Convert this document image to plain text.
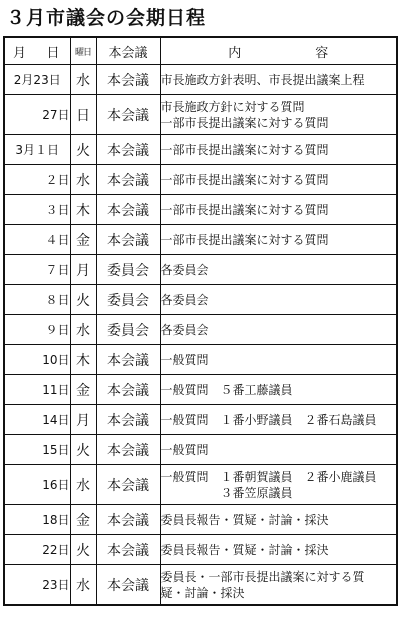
３月市議会の会期日程
月 日	曜日	本会議	内 容

2月23日	水	本会議	市長施政方針表明、市長提出議案上程
27日	日	本会議	市長施政方針に対する質問
一部市長提出議案に対する質問
3月１日	火	本会議	一部市長提出議案に対する質問
２日	水	本会議	一部市長提出議案に対する質問
３日	木	本会議	一部市長提出議案に対する質問
４日	金	本会議	一部市長提出議案に対する質問
７日	月	委員会	各委員会
８日	火	委員会	各委員会
９日	水	委員会	各委員会
10日	木	本会議	一般質問
11日	金	本会議	一般質問　５番工藤議員
14日	月	本会議	一般質問　１番小野議員　２番石島議員
15日	火	本会議	一般質問
16日	水	本会議	一般質問　１番朝賀議員　２番小鹿議員
　　　　　３番笠原議員
18日	金	本会議	委員長報告・質疑・討論・採決
22日	火	本会議	委員長報告・質疑・討論・採決
23日	水	本会議	委員長・一部市長提出議案に対する質
疑・討論・採決
